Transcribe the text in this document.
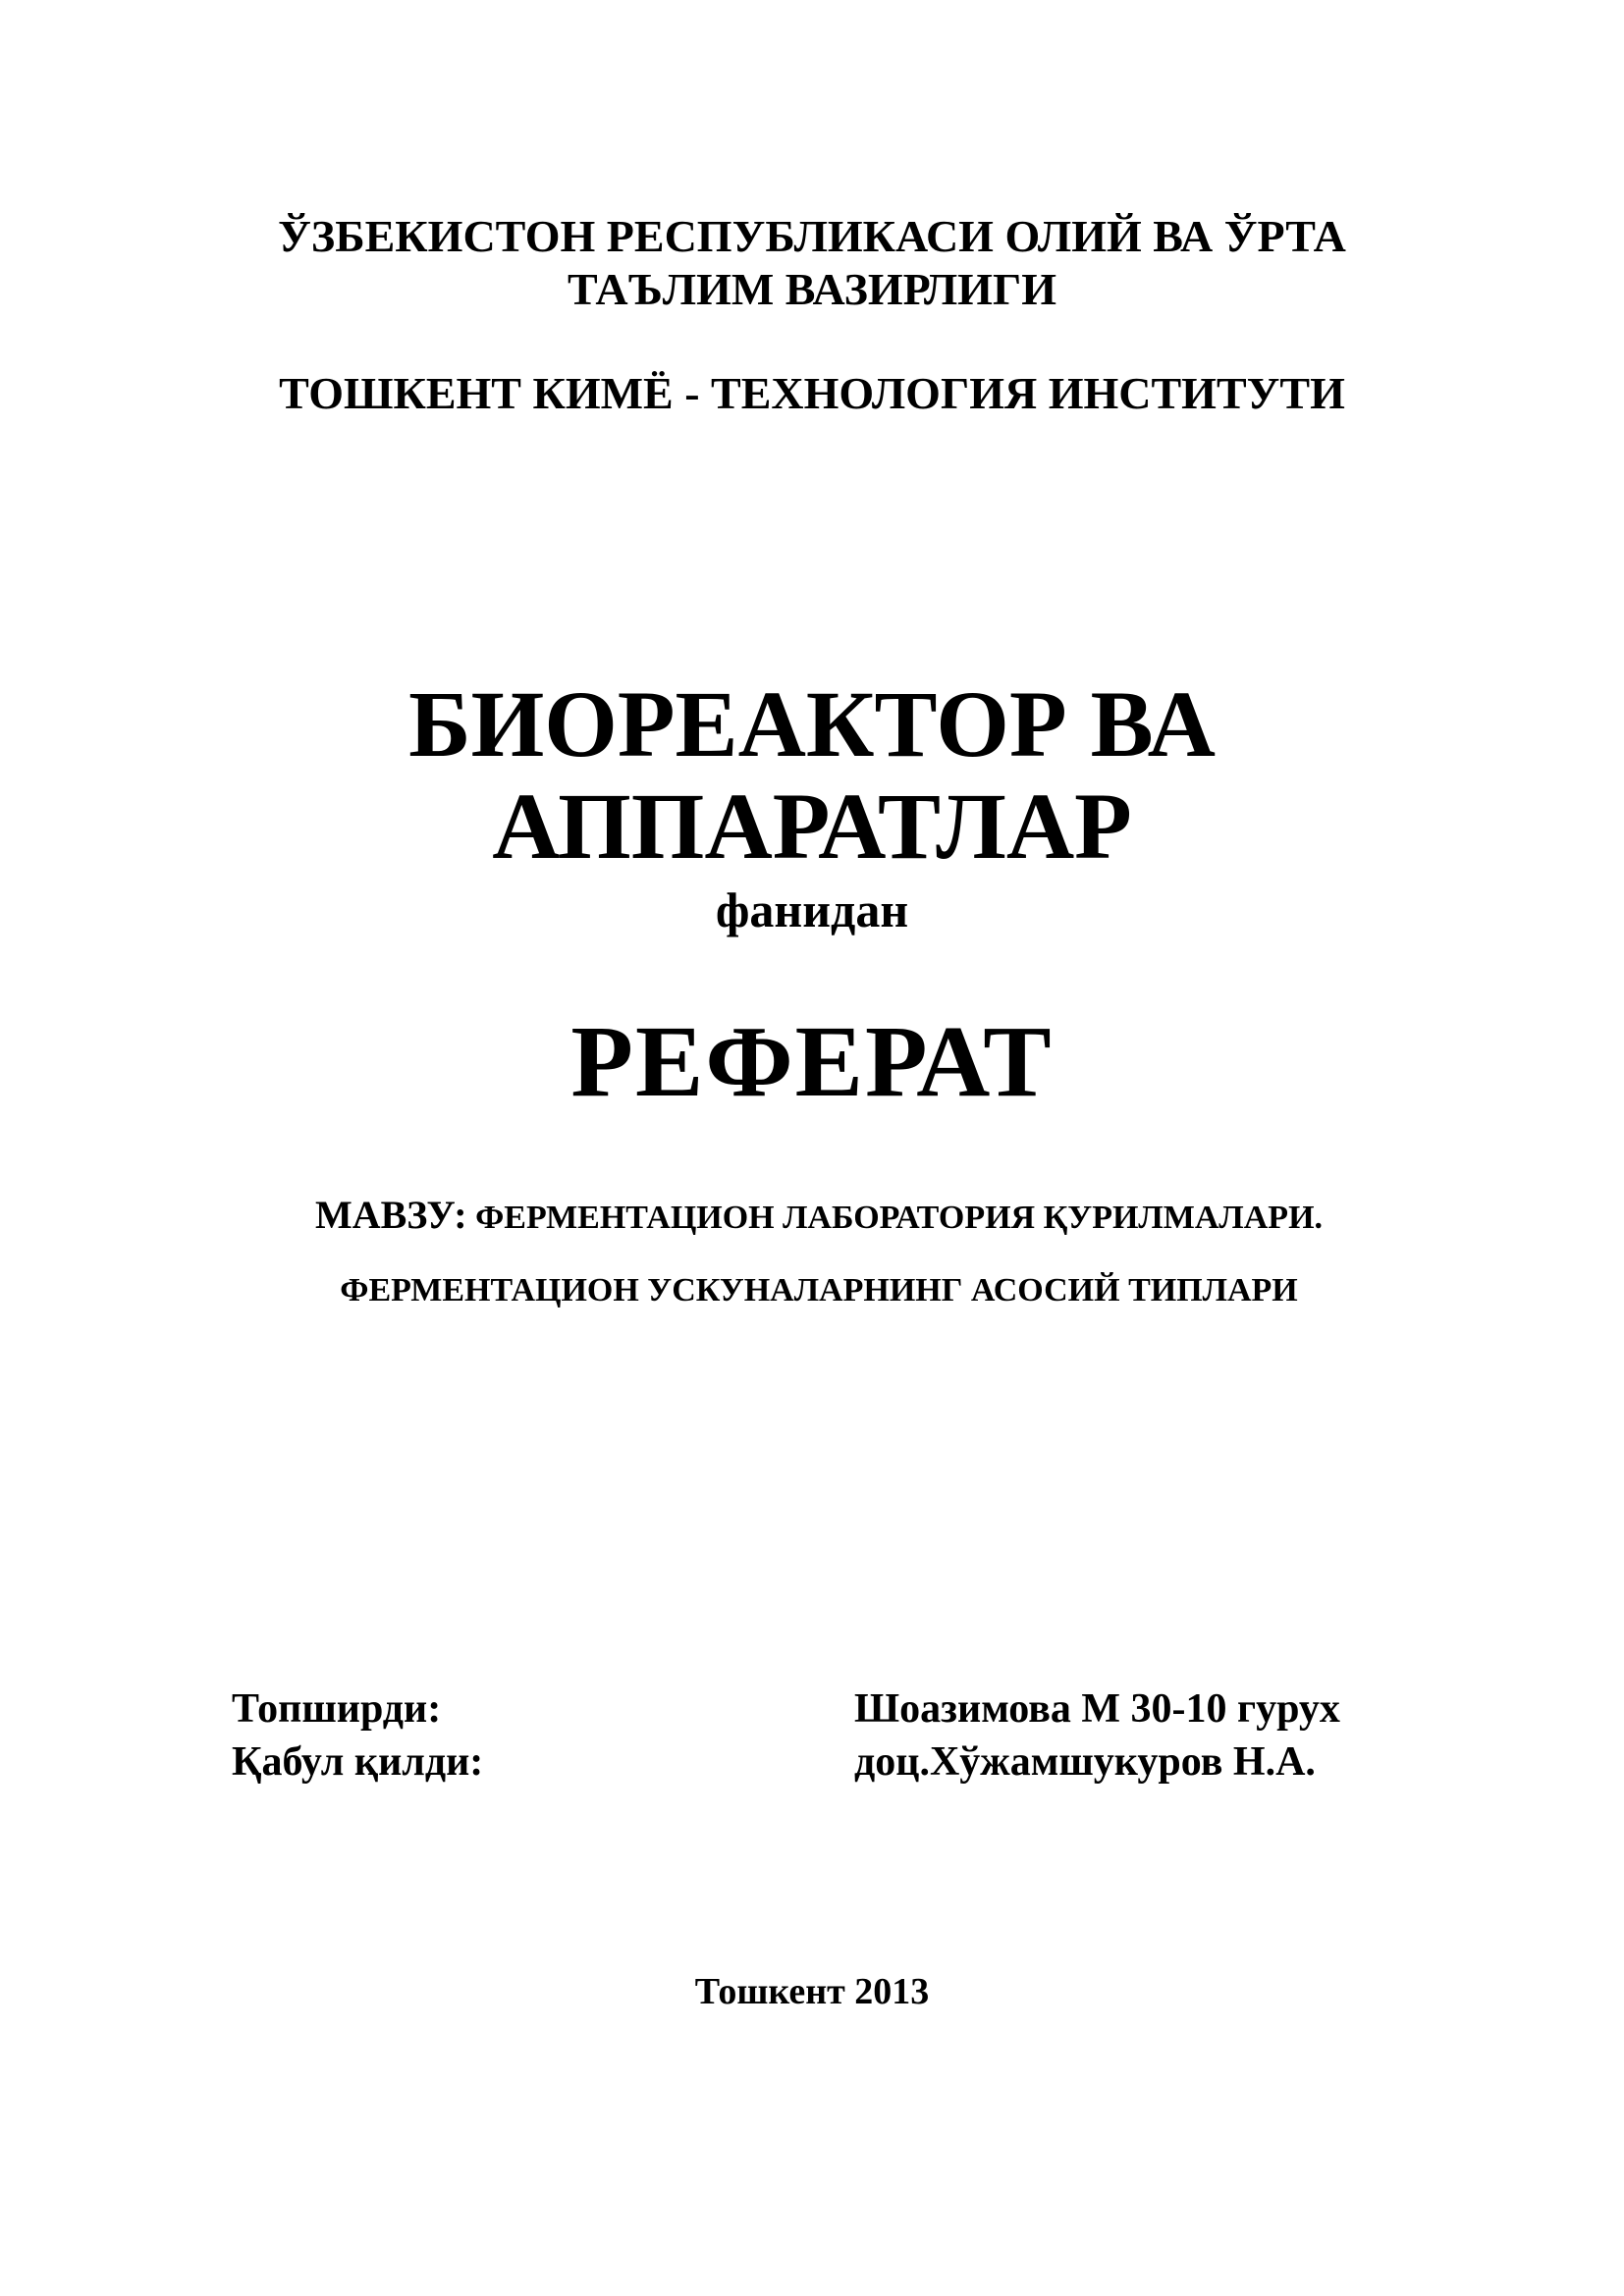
ЎЗБЕКИСТОН РЕСПУБЛИКАСИ ОЛИЙ ВА ЎРТА
ТАЪЛИМ ВАЗИРЛИГИ
ТОШКЕНТ КИМЁ - ТЕХНОЛОГИЯ ИНСТИТУТИ
БИОРЕАКТОР ВА
АППАРАТЛАР
фанидан
РЕФЕРАТ
МАВЗУ: ФЕРМЕНТАЦИОН ЛАБОРАТОРИЯ ҚУРИЛМАЛАРИ.
ФЕРМЕНТАЦИОН УСКУНАЛАРНИНГ АСОСИЙ ТИПЛАРИ
Топширди:	Шоазимова М 30-10 гурух
Қабул қилди:	доц.Хўжамшукуров Н.А.
Тошкент 2013
